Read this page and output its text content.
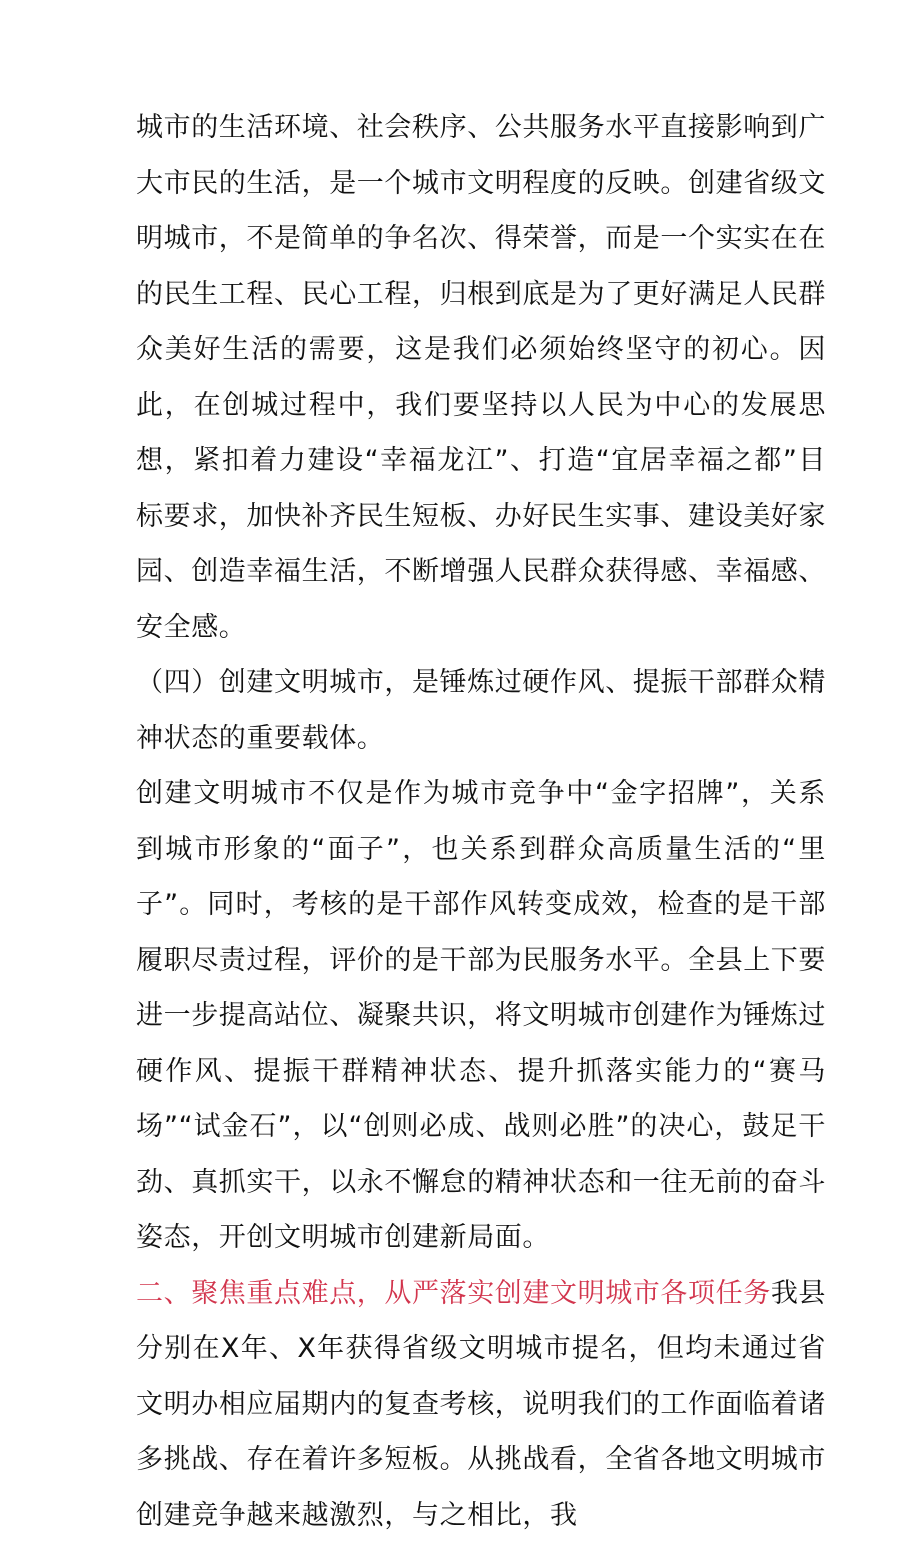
城市的生活环境、社会秩序、公共服务水平直接影响到广大市民的生活，是一个城市文明程度的反映。创建省级文明城市，不是简单的争名次、得荣誉，而是一个实实在在的民生工程、民心工程，归根到底是为了更好满足人民群众美好生活的需要，这是我们必须始终坚守的初心。因此，在创城过程中，我们要坚持以人民为中心的发展思想，紧扣着力建设“幸福龙江”、打造“宜居幸福之都”目标要求，加快补齐民生短板、办好民生实事、建设美好家园、创造幸福生活，不断增强人民群众获得感、幸福感、安全感。

（四）创建文明城市，是锤炼过硬作风、提振干部群众精神状态的重要载体。

创建文明城市不仅是作为城市竞争中“金字招牌”，关系到城市形象的“面子”，也关系到群众高质量生活的“里子”。同时，考核的是干部作风转变成效，检查的是干部履职尽责过程，评价的是干部为民服务水平。全县上下要进一步提高站位、凝聚共识，将文明城市创建作为锤炼过硬作风、提振干群精神状态、提升抓落实能力的“赛马场”“试金石”，以“创则必成、战则必胜”的决心，鼓足干劲、真抓实干，以永不懈怠的精神状态和一往无前的奋斗姿态，开创文明城市创建新局面。

二、聚焦重点难点，从严落实创建文明城市各项任务我县分别在X年、X年获得省级文明城市提名，但均未通过省文明办相应届期内的复查考核，说明我们的工作面临着诸多挑战、存在着许多短板。从挑战看，全省各地文明城市创建竞争越来越激烈，与之相比，我
